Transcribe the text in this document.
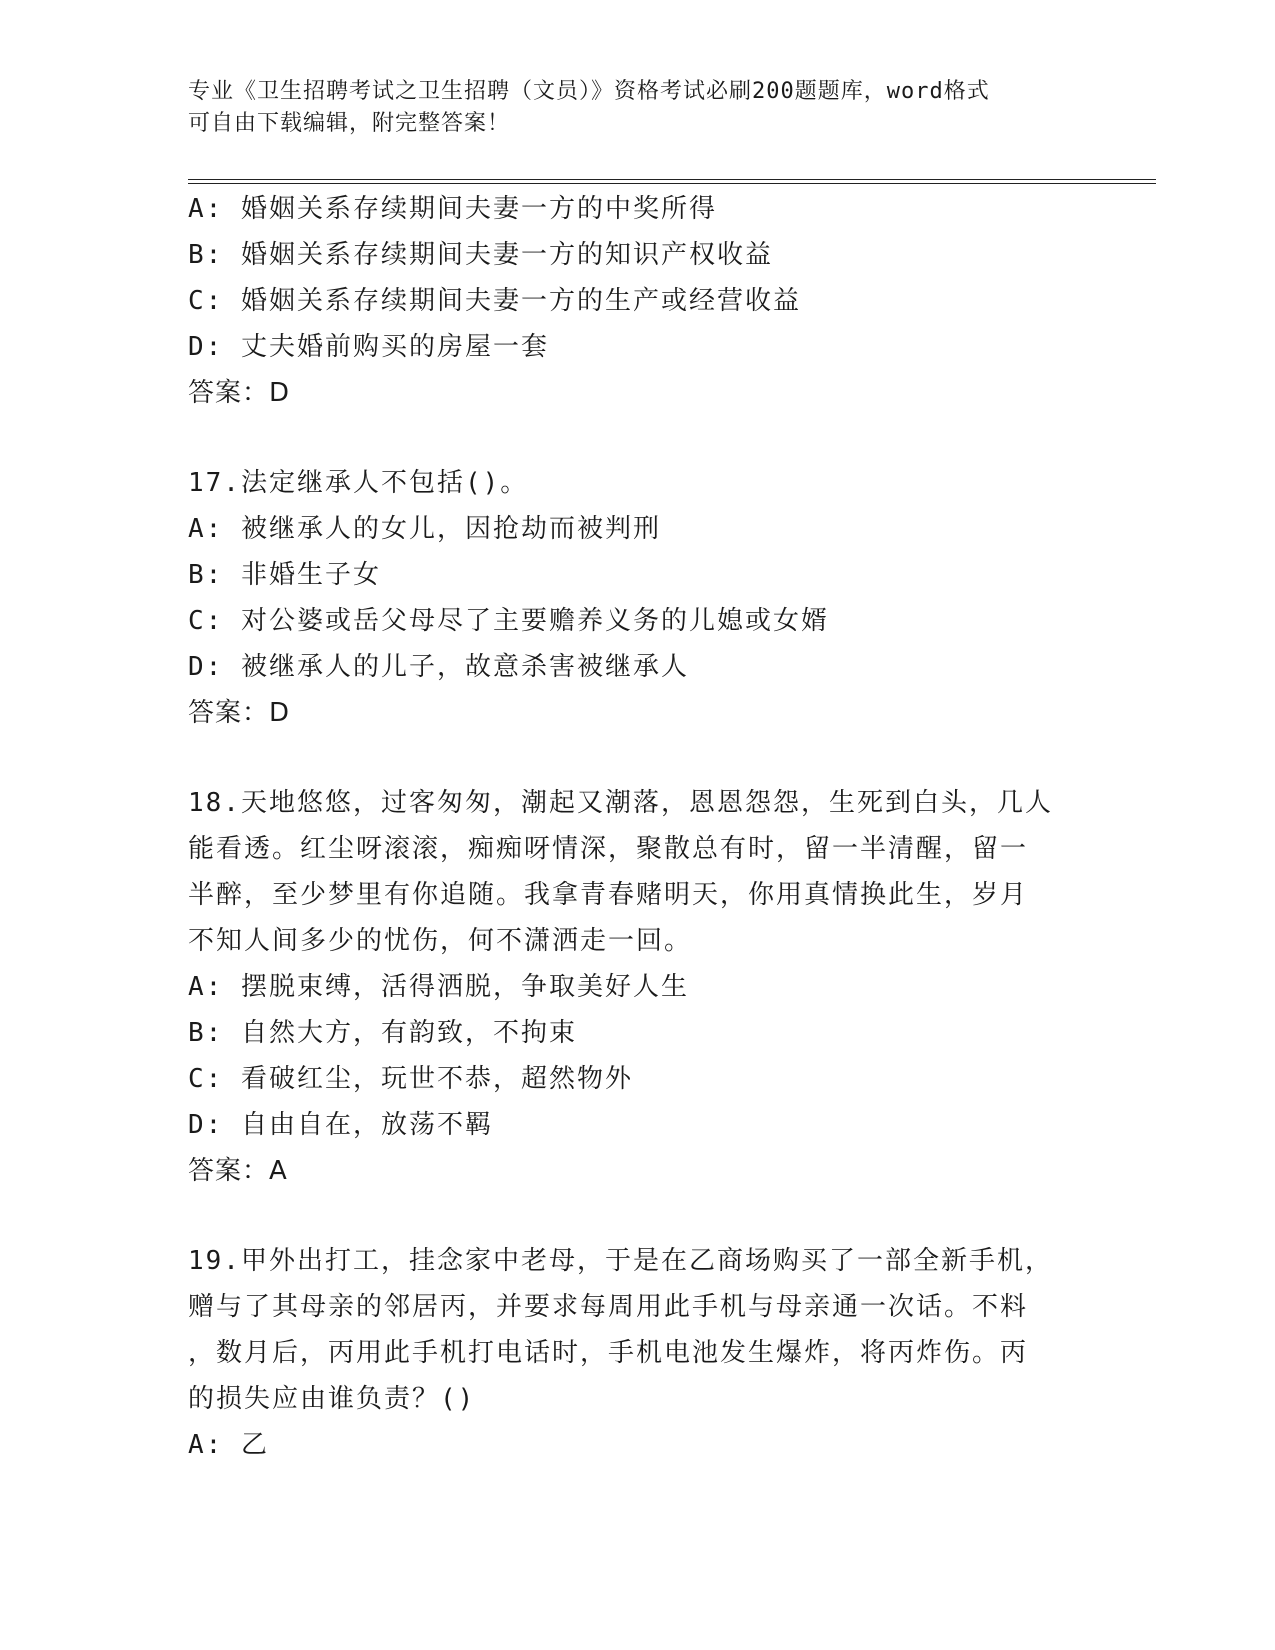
专业《卫生招聘考试之卫生招聘（文员）》资格考试必刷200题题库，word格式
可自由下载编辑，附完整答案！
A: 婚姻关系存续期间夫妻一方的中奖所得
B: 婚姻关系存续期间夫妻一方的知识产权收益
C: 婚姻关系存续期间夫妻一方的生产或经营收益
D: 丈夫婚前购买的房屋一套
答案：D
17.法定继承人不包括()。
A: 被继承人的女儿，因抢劫而被判刑
B: 非婚生子女
C: 对公婆或岳父母尽了主要赡养义务的儿媳或女婿
D: 被继承人的儿子，故意杀害被继承人
答案：D
18.天地悠悠，过客匆匆，潮起又潮落，恩恩怨怨，生死到白头，几人
能看透。红尘呀滚滚，痴痴呀情深，聚散总有时，留一半清醒，留一
半醉，至少梦里有你追随。我拿青春赌明天，你用真情换此生，岁月
不知人间多少的忧伤，何不潇洒走一回。
A: 摆脱束缚，活得洒脱，争取美好人生
B: 自然大方，有韵致，不拘束
C: 看破红尘，玩世不恭，超然物外
D: 自由自在，放荡不羁
答案：A
19.甲外出打工，挂念家中老母，于是在乙商场购买了一部全新手机，
赠与了其母亲的邻居丙，并要求每周用此手机与母亲通一次话。不料
，数月后，丙用此手机打电话时，手机电池发生爆炸，将丙炸伤。丙
的损失应由谁负责？()
A: 乙
